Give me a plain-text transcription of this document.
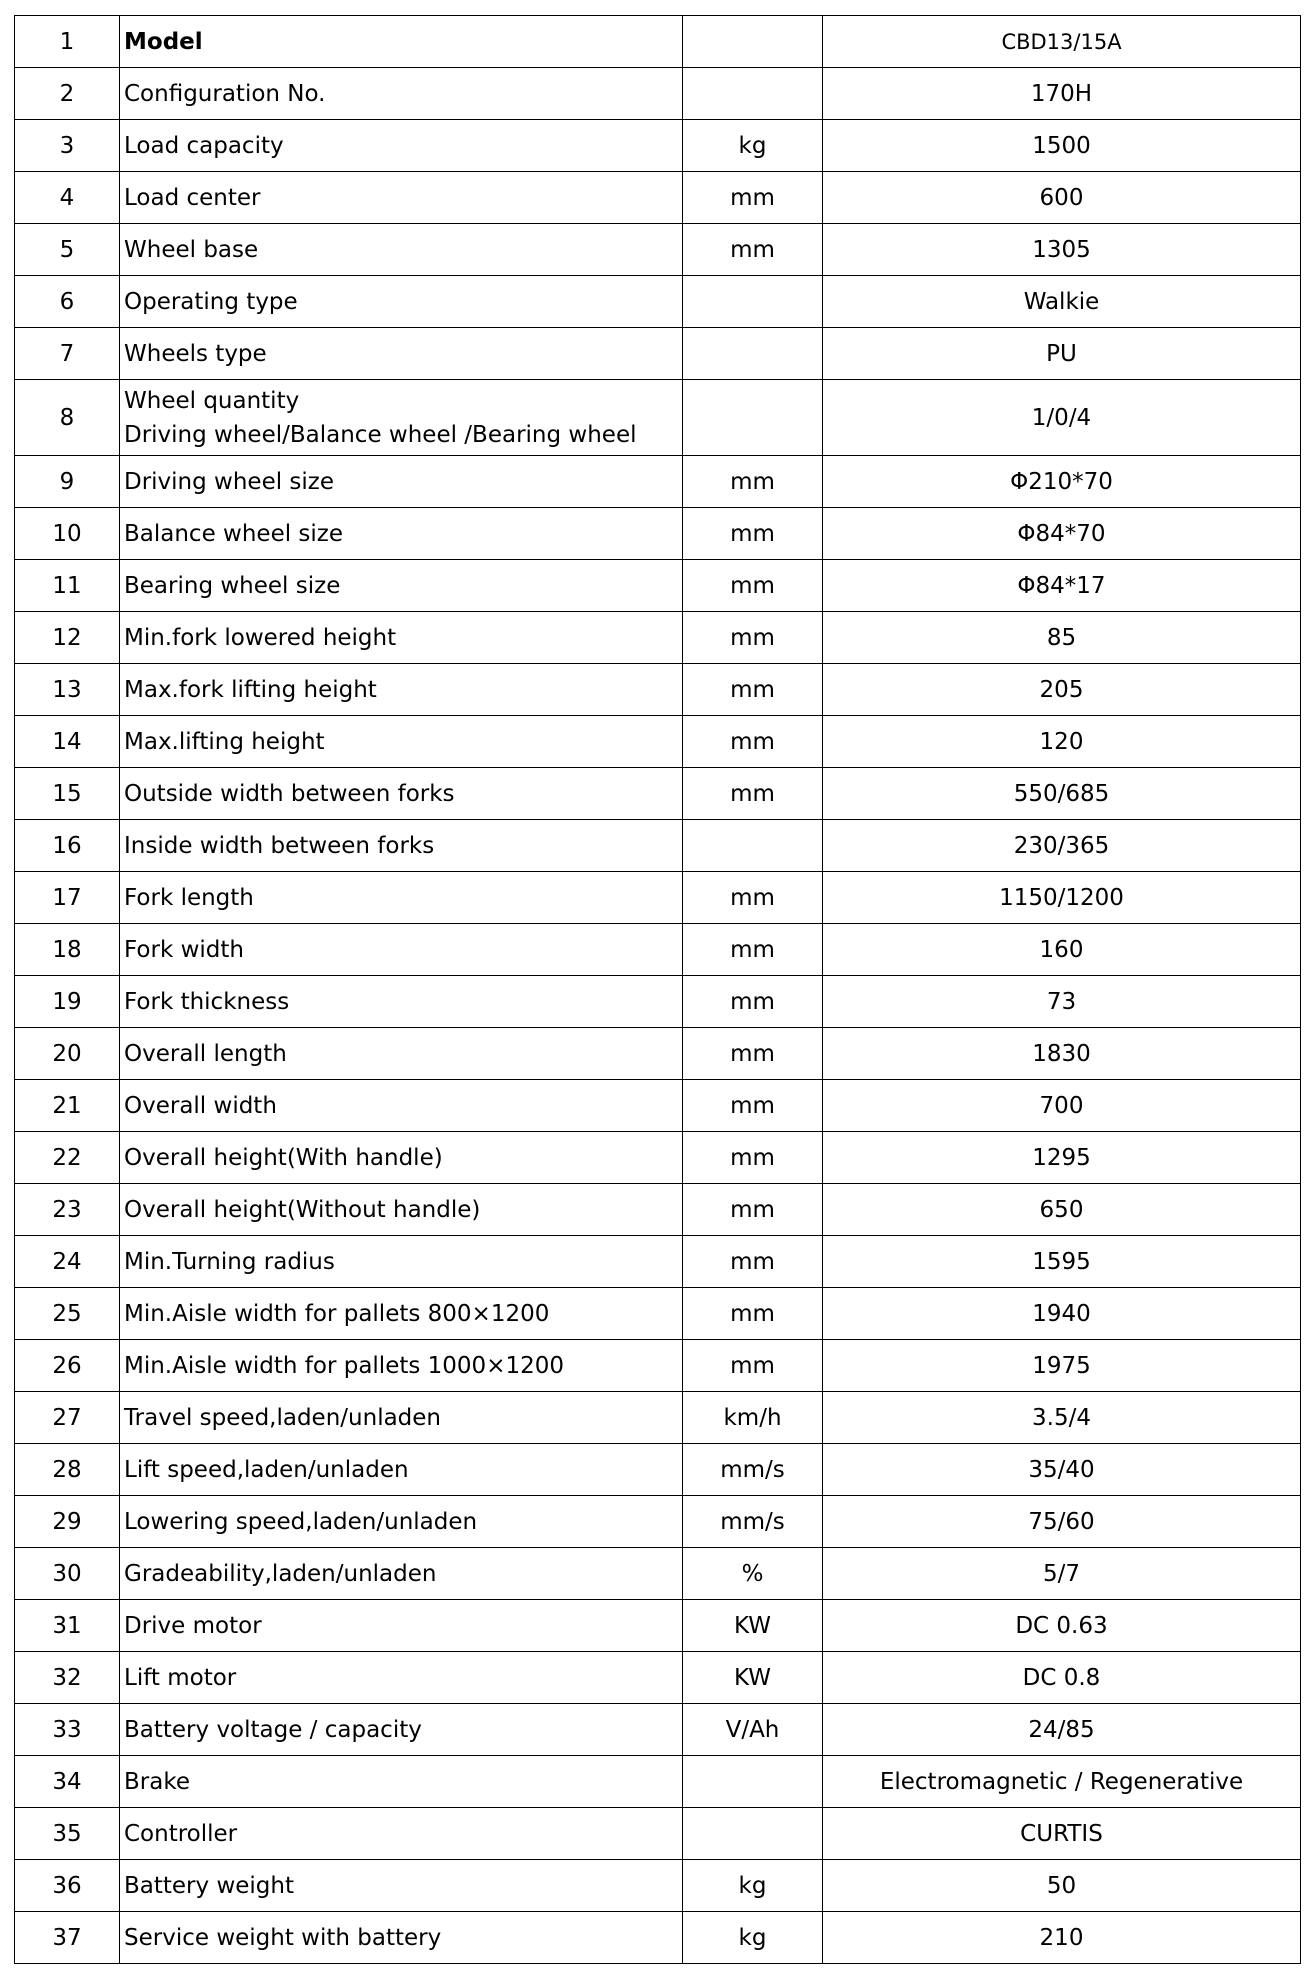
1	Model		CBD13/15A
2	Configuration No.		170H
3	Load capacity	kg	1500
4	Load center	mm	600
5	Wheel base	mm	1305
6	Operating type		Walkie
7	Wheels type		PU
8	Wheel quantity
Driving wheel/Balance wheel /Bearing wheel		1/0/4
9	Driving wheel size	mm	Φ210*70
10	Balance wheel size	mm	Φ84*70
11	Bearing wheel size	mm	Φ84*17
12	Min.fork lowered height	mm	85
13	Max.fork lifting height	mm	205
14	Max.lifting height	mm	120
15	Outside width between forks	mm	550/685
16	Inside width between forks		230/365
17	Fork length	mm	1150/1200
18	Fork width	mm	160
19	Fork thickness	mm	73
20	Overall length	mm	1830
21	Overall width	mm	700
22	Overall height(With handle)	mm	1295
23	Overall height(Without handle)	mm	650
24	Min.Turning radius	mm	1595
25	Min.Aisle width for pallets 800×1200	mm	1940
26	Min.Aisle width for pallets 1000×1200	mm	1975
27	Travel speed,laden/unladen	km/h	3.5/4
28	Lift speed,laden/unladen	mm/s	35/40
29	Lowering speed,laden/unladen	mm/s	75/60
30	Gradeability,laden/unladen	%	5/7
31	Drive motor	KW	DC 0.63
32	Lift motor	KW	DC 0.8
33	Battery voltage / capacity	V/Ah	24/85
34	Brake		Electromagnetic / Regenerative
35	Controller		CURTIS
36	Battery weight	kg	50
37	Service weight with battery	kg	210
